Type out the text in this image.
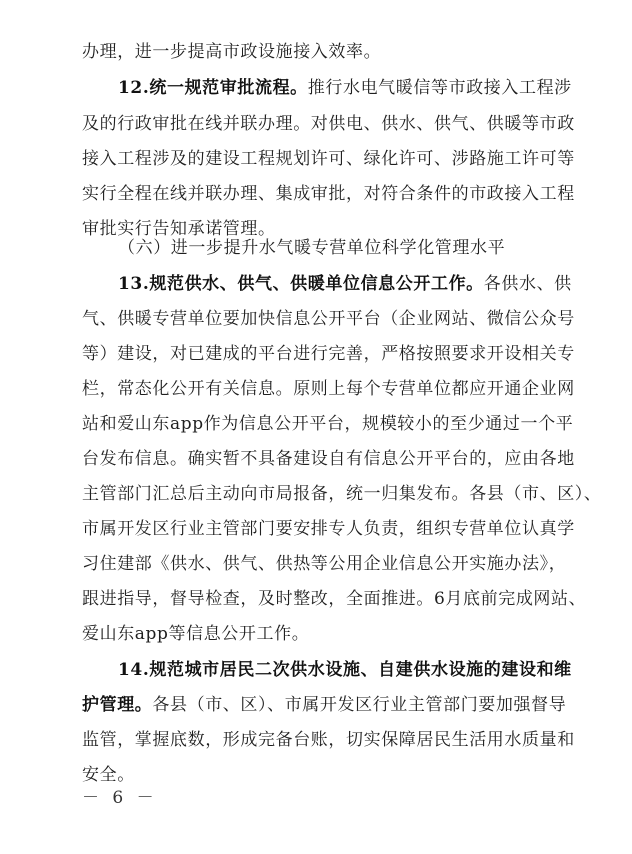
办理，进一步提高市政设施接入效率。
12.统一规范审批流程。推行水电气暖信等市政接入工程涉
及的行政审批在线并联办理。对供电、供水、供气、供暖等市政
接入工程涉及的建设工程规划许可、绿化许可、涉路施工许可等
实行全程在线并联办理、集成审批，对符合条件的市政接入工程
审批实行告知承诺管理。
（六）进一步提升水气暖专营单位科学化管理水平
13.规范供水、供气、供暖单位信息公开工作。各供水、供
气、供暖专营单位要加快信息公开平台（企业网站、微信公众号
等）建设，对已建成的平台进行完善，严格按照要求开设相关专
栏，常态化公开有关信息。原则上每个专营单位都应开通企业网
站和爱山东app作为信息公开平台，规模较小的至少通过一个平
台发布信息。确实暂不具备建设自有信息公开平台的，应由各地
主管部门汇总后主动向市局报备，统一归集发布。各县（市、区）、
市属开发区行业主管部门要安排专人负责，组织专营单位认真学
习住建部《供水、供气、供热等公用企业信息公开实施办法》，
跟进指导，督导检查，及时整改，全面推进。6月底前完成网站、
爱山东app等信息公开工作。
14.规范城市居民二次供水设施、自建供水设施的建设和维
护管理。各县（市、区）、市属开发区行业主管部门要加强督导
监管，掌握底数，形成完备台账，切实保障居民生活用水质量和
安全。
－ 6 －
